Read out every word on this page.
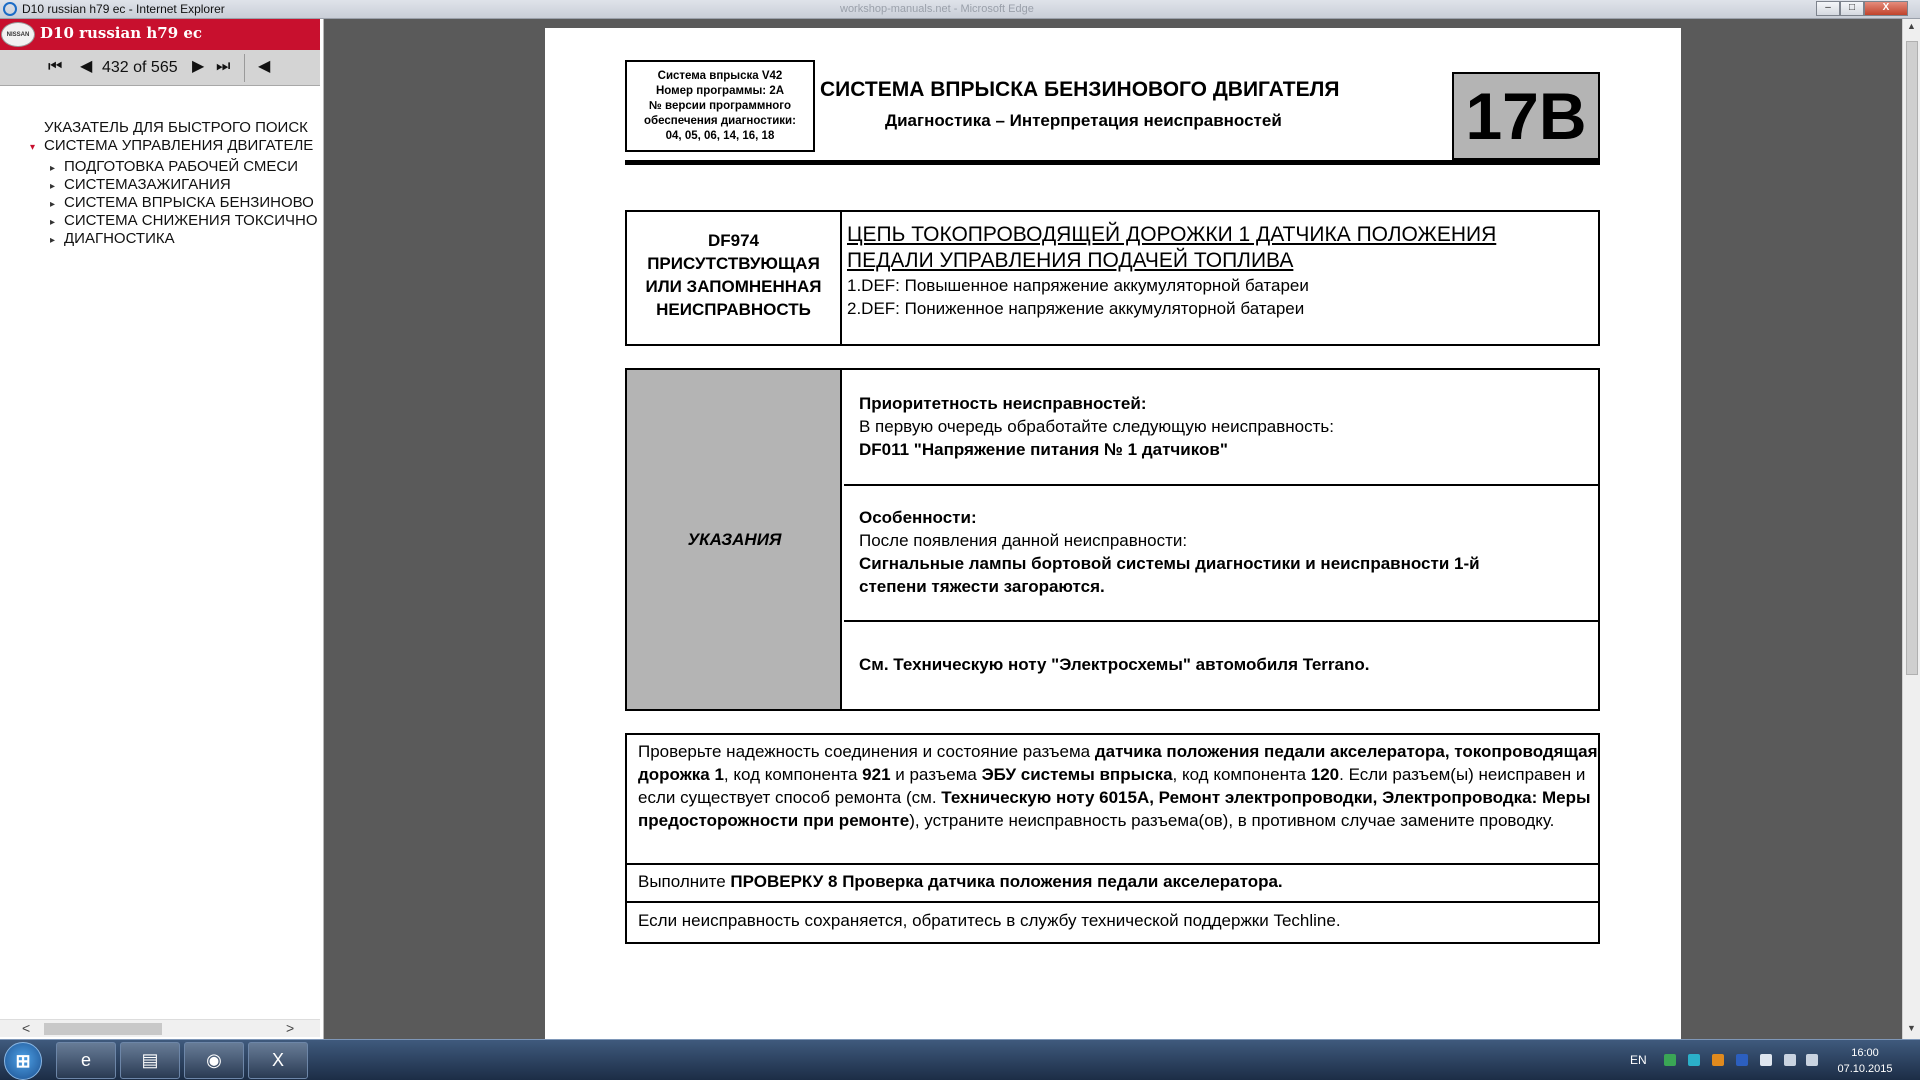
D10 russian h79 ec - Internet Explorer	workshop-manuals.net - Microsoft Edge	–	□	X
NISSAN D10 russian h79 ec
⏮ ◀ 432 of 565 ▶ ⏭ ◀
УКАЗАТЕЛЬ ДЛЯ БЫСТРОГО ПОИСК
▾ СИСТЕМА УПРАВЛЕНИЯ ДВИГАТЕЛЕ
▸ ПОДГОТОВКА РАБОЧЕЙ СМЕСИ
▸ СИСТЕМАЗАЖИГАНИЯ
▸ СИСТЕМА ВПРЫСКА БЕНЗИНОВО
▸ СИСТЕМА СНИЖЕНИЯ ТОКСИЧНО
▸ ДИАГНОСТИКА
<	>
Система впрыска V42
Номер программы: 2A
№ версии программного
обеспечения диагностики:
04, 05, 06, 14, 16, 18
СИСТЕМА ВПРЫСКА БЕНЗИНОВОГО ДВИГАТЕЛЯ
Диагностика – Интерпретация неисправностей	17B
DF974
ПРИСУТСТВУЮЩАЯ
ИЛИ ЗАПОМНЕННАЯ
НЕИСПРАВНОСТЬ
ЦЕПЬ ТОКОПРОВОДЯЩЕЙ ДОРОЖКИ 1 ДАТЧИКА ПОЛОЖЕНИЯ
ПЕДАЛИ УПРАВЛЕНИЯ ПОДАЧЕЙ ТОПЛИВА
1.DEF: Повышенное напряжение аккумуляторной батареи
2.DEF: Пониженное напряжение аккумуляторной батареи
УКАЗАНИЯ
Приоритетность неисправностей:
В первую очередь обработайте следующую неисправность:
DF011 "Напряжение питания № 1 датчиков"
Особенности:
После появления данной неисправности:
Сигнальные лампы бортовой системы диагностики и неисправности 1-й
степени тяжести загораются.
См. Техническую ноту "Электросхемы" автомобиля Terrano.
Проверьте надежность соединения и состояние разъема датчика положения педали акселератора, токопроводящая дорожка 1, код компонента 921 и разъема ЭБУ системы впрыска, код компонента 120. Если разъем(ы) неисправен и если существует способ ремонта (см. Техническую ноту 6015A, Ремонт электропроводки, Электропроводка: Меры предосторожности при ремонте), устраните неисправность разъема(ов), в противном случае замените проводку.
Выполните ПРОВЕРКУ 8 Проверка датчика положения педали акселератора.
Если неисправность сохраняется, обратитесь в службу технической поддержки Techline.
▲
▼
⊞	e	▤	◉	X	EN	16:00
07.10.2015
